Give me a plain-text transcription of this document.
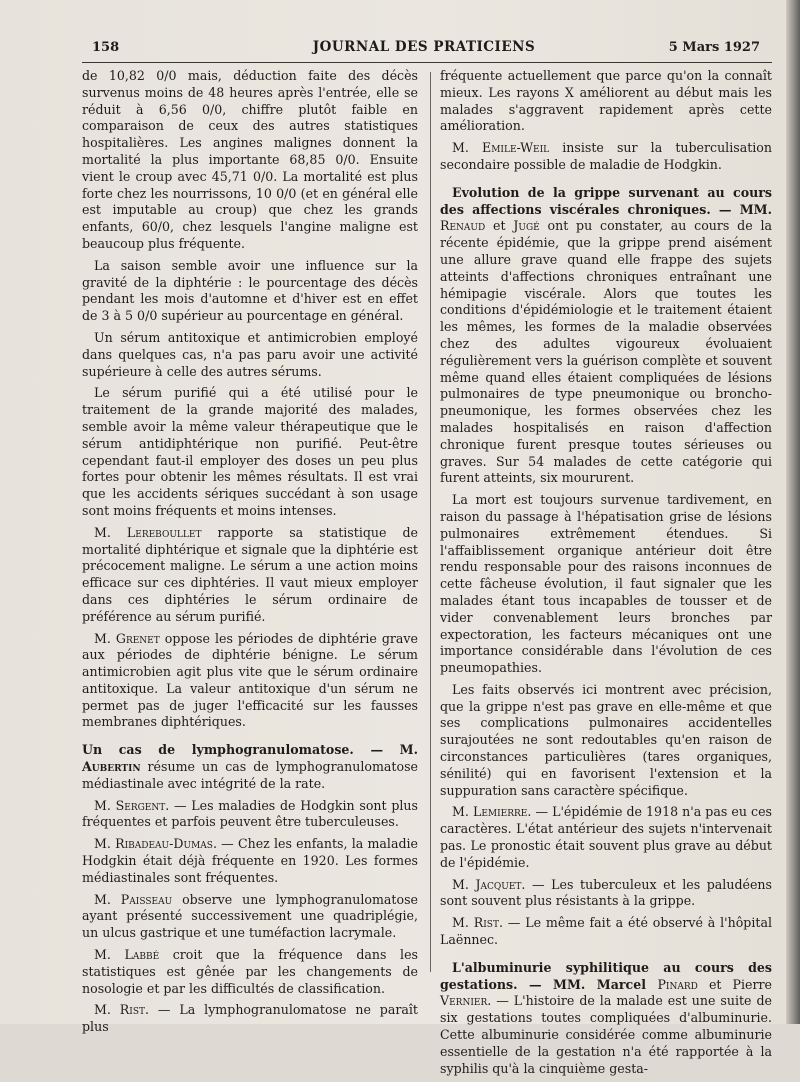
158	JOURNAL DES PRATICIENS	5 Mars 1927

de 10,82 0/0 mais, déduction faite des décès survenus moins de 48 heures après l'entrée, elle se réduit à 6,56 0/0, chiffre plutôt faible en comparaison de ceux des autres statistiques hospitalières. Les angines malignes donnent la mortalité la plus importante 68,85 0/0. Ensuite vient le croup avec 45,71 0/0. La mortalité est plus forte chez les nourrissons, 10 0/0 (et en général elle est imputable au croup) que chez les grands enfants, 60/0, chez lesquels l'angine maligne est beaucoup plus fréquente.

La saison semble avoir une influence sur la gravité de la diphtérie : le pourcentage des décès pendant les mois d'automne et d'hiver est en effet de 3 à 5 0/0 supérieur au pourcentage en général.

Un sérum antitoxique et antimicrobien employé dans quelques cas, n'a pas paru avoir une activité supérieure à celle des autres sérums.

Le sérum purifié qui a été utilisé pour le traitement de la grande majorité des malades, semble avoir la même valeur thérapeutique que le sérum antidiphtérique non purifié. Peut-être cependant faut-il employer des doses un peu plus fortes pour obtenir les mêmes résultats. Il est vrai que les accidents sériques succédant à son usage sont moins fréquents et moins intenses.

M. Lereboullet rapporte sa statistique de mortalité diphtérique et signale que la diphtérie est précocement maligne. Le sérum a une action moins efficace sur ces diphtéries. Il vaut mieux employer dans ces diphtéries le sérum ordinaire de préférence au sérum purifié.

M. Grenet oppose les périodes de diphtérie grave aux périodes de diphtérie bénigne. Le sérum antimicrobien agit plus vite que le sérum ordinaire antitoxique. La valeur antitoxique d'un sérum ne permet pas de juger l'efficacité sur les fausses membranes diphtériques.

Un cas de lymphogranulomatose. — M. Aubertin résume un cas de lymphogranulomatose médiastinale avec intégrité de la rate.

M. Sergent. — Les maladies de Hodgkin sont plus fréquentes et parfois peuvent être tuberculeuses.

M. Ribadeau-Dumas. — Chez les enfants, la maladie Hodgkin était déjà fréquente en 1920. Les formes médiastinales sont fréquentes.

M. Paisseau observe une lymphogranulomatose ayant présenté successivement une quadriplégie, un ulcus gastrique et une tuméfaction lacrymale.

M. Labbé croit que la fréquence dans les statistiques est gênée par les changements de nosologie et par les difficultés de classification.

M. Rist. — La lymphogranulomatose ne paraît plus

fréquente actuellement que parce qu'on la connaît mieux. Les rayons X améliorent au début mais les malades s'aggravent rapidement après cette amélioration.

M. Emile-Weil insiste sur la tuberculisation secondaire possible de maladie de Hodgkin.

Evolution de la grippe survenant au cours des affections viscérales chroniques. — MM. Renaud et Jugé ont pu constater, au cours de la récente épidémie, que la grippe prend aisément une allure grave quand elle frappe des sujets atteints d'affections chroniques entraînant une hémipagie viscérale. Alors que toutes les conditions d'épidémiologie et le traitement étaient les mêmes, les formes de la maladie observées chez des adultes vigoureux évoluaient régulièrement vers la guérison complète et souvent même quand elles étaient compliquées de lésions pulmonaires de type pneumonique ou broncho-pneumonique, les formes observées chez les malades hospitalisés en raison d'affection chronique furent presque toutes sérieuses ou graves. Sur 54 malades de cette catégorie qui furent atteints, six moururent.

La mort est toujours survenue tardivement, en raison du passage à l'hépatisation grise de lésions pulmonaires extrêmement étendues. Si l'affaiblissement organique antérieur doit être rendu responsable pour des raisons inconnues de cette fâcheuse évolution, il faut signaler que les malades étant tous incapables de tousser et de vider convenablement leurs bronches par expectoration, les facteurs mécaniques ont une importance considérable dans l'évolution de ces pneumopathies.

Les faits observés ici montrent avec précision, que la grippe n'est pas grave en elle-même et que ses complications pulmonaires accidentelles surajoutées ne sont redoutables qu'en raison de circonstances particulières (tares organiques, sénilité) qui en favorisent l'extension et la suppuration sans caractère spécifique.

M. Lemierre. — L'épidémie de 1918 n'a pas eu ces caractères. L'état antérieur des sujets n'intervenait pas. Le pronostic était souvent plus grave au début de l'épidémie.

M. Jacquet. — Les tuberculeux et les paludéens sont souvent plus résistants à la grippe.

M. Rist. — Le même fait a été observé à l'hôpital Laënnec.

L'albuminurie syphilitique au cours des gestations. — MM. Marcel Pinard et Pierre Vernier. — L'histoire de la malade est une suite de six gestations toutes compliquées d'albuminurie. Cette albuminurie considérée comme albuminurie essentielle de la gestation n'a été rapportée à la syphilis qu'à la cinquième gesta-
